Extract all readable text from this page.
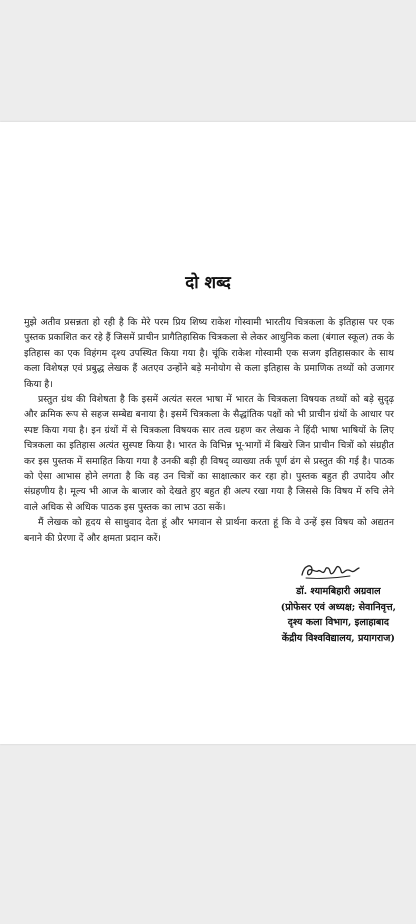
दो शब्द

मुझे अतीव प्रसन्नता हो रही है कि मेरे परम प्रिय शिष्य राकेश गोस्वामी भारतीय चित्रकला के इतिहास पर एक पुस्तक प्रकाशित कर रहे हैं जिसमें प्राचीन प्रागैतिहासिक चित्रकला से लेकर आधुनिक कला (बंगाल स्कूल) तक के इतिहास का एक विहंगम दृश्य उपस्थित किया गया है। चूंकि राकेश गोस्वामी एक सजग इतिहासकार के साथ कला विशेषज्ञ एवं प्रबुद्ध लेखक हैं अतएव उन्होंने बड़े मनोयोग से कला इतिहास के प्रमाणिक तथ्यों को उजागर किया है।

प्रस्तुत ग्रंथ की विशेषता है कि इसमें अत्यंत सरल भाषा में भारत के चित्रकला विषयक तथ्यों को बड़े सुदृढ़ और क्रमिक रूप से सहज सम्बेद्य बनाया है। इसमें चित्रकला के सैद्धांतिक पक्षों को भी प्राचीन ग्रंथों के आधार पर स्पष्ट किया गया है। इन ग्रंथों में से चित्रकला विषयक सार तत्व ग्रहण कर लेखक ने हिंदी भाषा भाषियों के लिए चित्रकला का इतिहास अत्यंत सुस्पष्ट किया है। भारत के विभिन्न भू-भागों में बिखरे जिन प्राचीन चित्रों को संग्रहीत कर इस पुस्तक में समाहित किया गया है उनकी बड़ी ही विषद् व्याख्या तर्क पूर्ण ढंग से प्रस्तुत की गई है। पाठक को ऐसा आभास होने लगता है कि वह उन चित्रों का साक्षात्कार कर रहा हो। पुस्तक बहुत ही उपादेय और संग्रहणीय है। मूल्य भी आज के बाजार को देखते हुए बहुत ही अल्प रखा गया है जिससे कि विषय में रुचि लेने वाले अधिक से अधिक पाठक इस पुस्तक का लाभ उठा सकें।

मैं लेखक को हृदय से साधुवाद देता हूं और भगवान से प्रार्थना करता हूं कि वे उन्हें इस विषय को अद्यतन बनाने की प्रेरणा दें और क्षमता प्रदान करें।

डॉ. श्यामबिहारी अग्रवाल
(प्रोफेसर एवं अध्यक्ष; सेवानिवृत्त,
दृश्य कला विभाग, इलाहाबाद
केंद्रीय विश्वविद्यालय, प्रयागराज)
